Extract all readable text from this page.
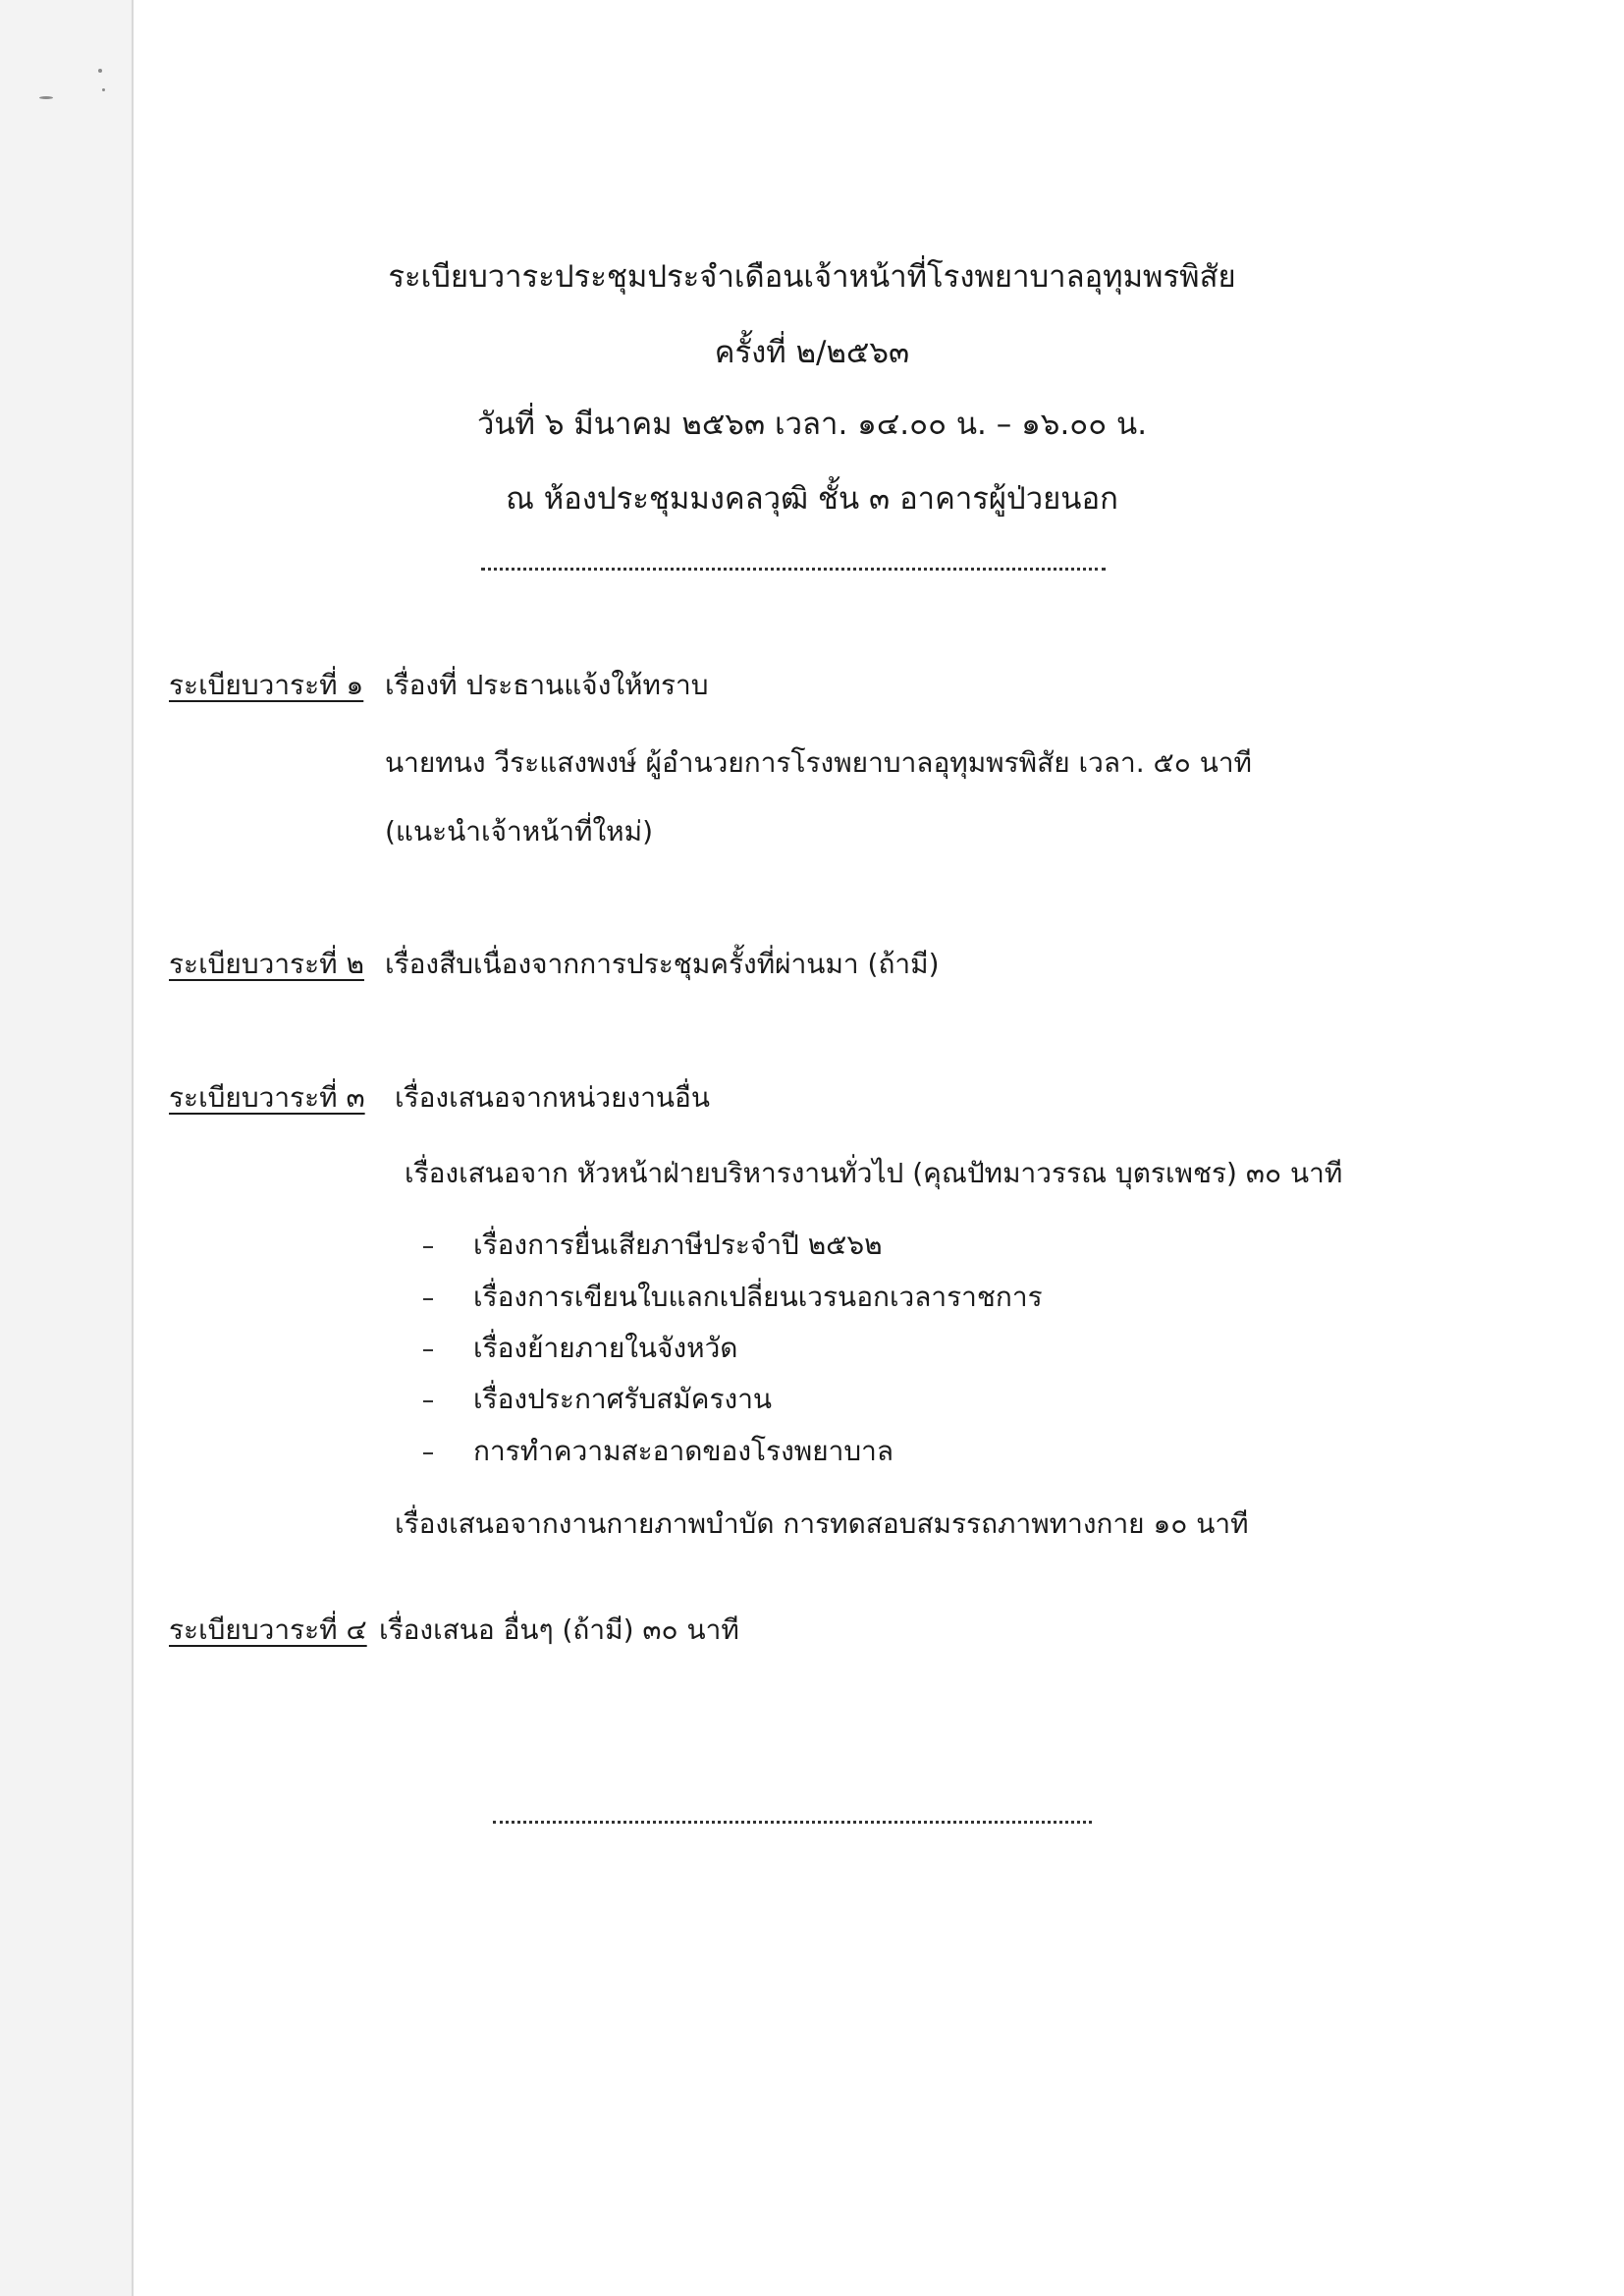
ระเบียบวาระประชุมประจำเดือนเจ้าหน้าที่โรงพยาบาลอุทุมพรพิสัย
ครั้งที่ ๒/๒๕๖๓
วันที่ ๖ มีนาคม ๒๕๖๓ เวลา. ๑๔.๐๐ น. – ๑๖.๐๐ น.
ณ ห้องประชุมมงคลวุฒิ ชั้น ๓ อาคารผู้ป่วยนอก
ระเบียบวาระที่ ๑ เรื่องที่ ประธานแจ้งให้ทราบ
นายทนง วีระแสงพงษ์ ผู้อำนวยการโรงพยาบาลอุทุมพรพิสัย เวลา. ๕๐ นาที
(แนะนำเจ้าหน้าที่ใหม่)
ระเบียบวาระที่ ๒ เรื่องสืบเนื่องจากการประชุมครั้งที่ผ่านมา (ถ้ามี)
ระเบียบวาระที่ ๓ เรื่องเสนอจากหน่วยงานอื่น
เรื่องเสนอจาก หัวหน้าฝ่ายบริหารงานทั่วไป (คุณปัทมาวรรณ บุตรเพชร) ๓๐ นาที
เรื่องการยื่นเสียภาษีประจำปี ๒๕๖๒
เรื่องการเขียนใบแลกเปลี่ยนเวรนอกเวลาราชการ
เรื่องย้ายภายในจังหวัด
เรื่องประกาศรับสมัครงาน
การทำความสะอาดของโรงพยาบาล
เรื่องเสนอจากงานกายภาพบำบัด การทดสอบสมรรถภาพทางกาย ๑๐ นาที
ระเบียบวาระที่ ๔ เรื่องเสนอ อื่นๆ (ถ้ามี) ๓๐ นาที
